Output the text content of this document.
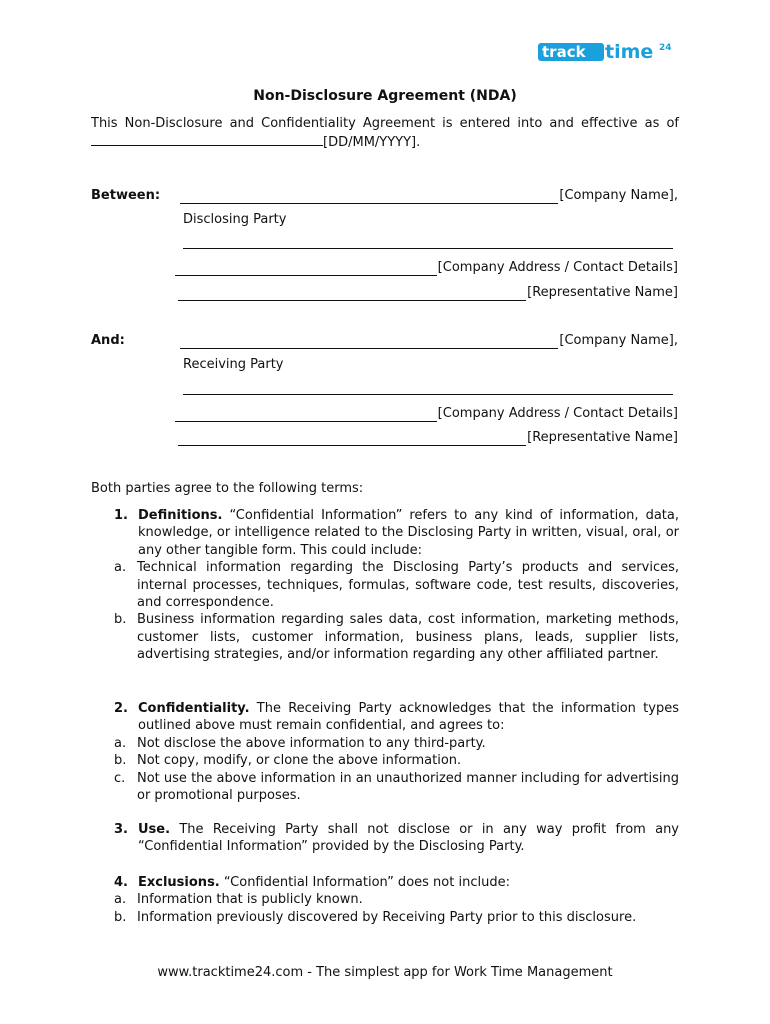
track time 24
Non-Disclosure Agreement (NDA)
This Non-Disclosure and Confidentiality Agreement is entered into and effective as of
[DD/MM/YYYY].
Between:	[Company Name],
Disclosing Party
[Company Address / Contact Details]
[Representative Name]
And:	[Company Name],
Receiving Party
[Company Address / Contact Details]
[Representative Name]
Both parties agree to the following terms:
1. Definitions. “Confidential Information” refers to any kind of information, data, knowledge, or intelligence related to the Disclosing Party in written, visual, oral, or any other tangible form. This could include:
a. Technical information regarding the Disclosing Party’s products and services, internal processes, techniques, formulas, software code, test results, discoveries, and correspondence.
b. Business information regarding sales data, cost information, marketing methods, customer lists, customer information, business plans, leads, supplier lists, advertising strategies, and/or information regarding any other affiliated partner.
2. Confidentiality. The Receiving Party acknowledges that the information types outlined above must remain confidential, and agrees to:
a. Not disclose the above information to any third-party.
b. Not copy, modify, or clone the above information.
c. Not use the above information in an unauthorized manner including for advertising or promotional purposes.
3. Use. The Receiving Party shall not disclose or in any way profit from any “Confidential Information” provided by the Disclosing Party.
4. Exclusions. “Confidential Information” does not include:
a. Information that is publicly known.
b. Information previously discovered by Receiving Party prior to this disclosure.
www.tracktime24.com - The simplest app for Work Time Management
